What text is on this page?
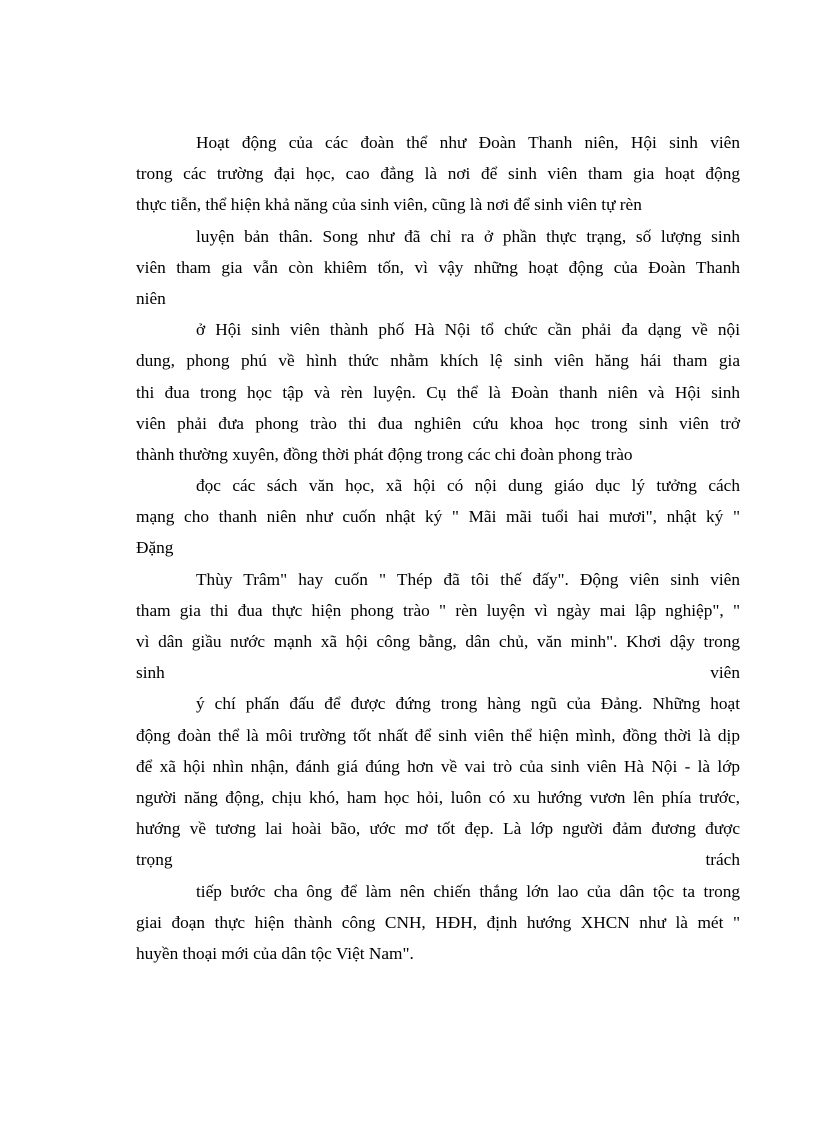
Hoạt động của các đoàn thể như Đoàn Thanh niên, Hội sinh viên
trong các trường đại học, cao đẳng là nơi để sinh viên tham gia hoạt động
thực tiễn, thể hiện khả năng của sinh viên, cũng là nơi để sinh viên tự rèn
luyện bản thân. Song như đã chỉ ra ở phần thực trạng, số lượng sinh
viên tham gia vẫn còn khiêm tốn, vì vậy những hoạt động của Đoàn Thanh
niên
ở Hội sinh viên thành phố Hà Nội tổ chức cần phải đa dạng về nội
dung, phong phú về hình thức nhằm khích lệ sinh viên hăng hái tham gia
thi đua trong học tập và rèn luyện. Cụ thể là Đoàn thanh niên và Hội sinh
viên phải đưa phong trào thi đua nghiên cứu khoa học trong sinh viên trở
thành thường xuyên, đồng thời phát động trong các chi đoàn phong trào
đọc các sách văn học, xã hội có nội dung giáo dục lý tưởng cách
mạng cho thanh niên như cuốn nhật ký " Mãi mãi tuổi hai mươi", nhật ký "
Đặng
Thùy Trâm" hay cuốn " Thép đã tôi thế đấy". Động viên sinh viên
tham gia thi đua thực hiện phong trào " rèn luyện vì ngày mai lập nghiệp", "
vì dân giầu nước mạnh xã hội công bằng, dân chủ, văn minh". Khơi dậy trong
sinh viên
ý chí phấn đấu để được đứng trong hàng ngũ của Đảng. Những hoạt
động đoàn thể là môi trường tốt nhất để sinh viên thể hiện mình, đồng thời là dịp
để xã hội nhìn nhận, đánh giá đúng hơn về vai trò của sinh viên Hà Nội - là lớp
người năng động, chịu khó, ham học hỏi, luôn có xu hướng vươn lên phía trước,
hướng về tương lai hoài bão, ước mơ tốt đẹp. Là lớp người đảm đương được
trọng trách
tiếp bước cha ông để làm nên chiến thắng lớn lao của dân tộc ta trong
giai đoạn thực hiện thành công CNH, HĐH, định hướng XHCN như là mét "
huyền thoại mới của dân tộc Việt Nam".
